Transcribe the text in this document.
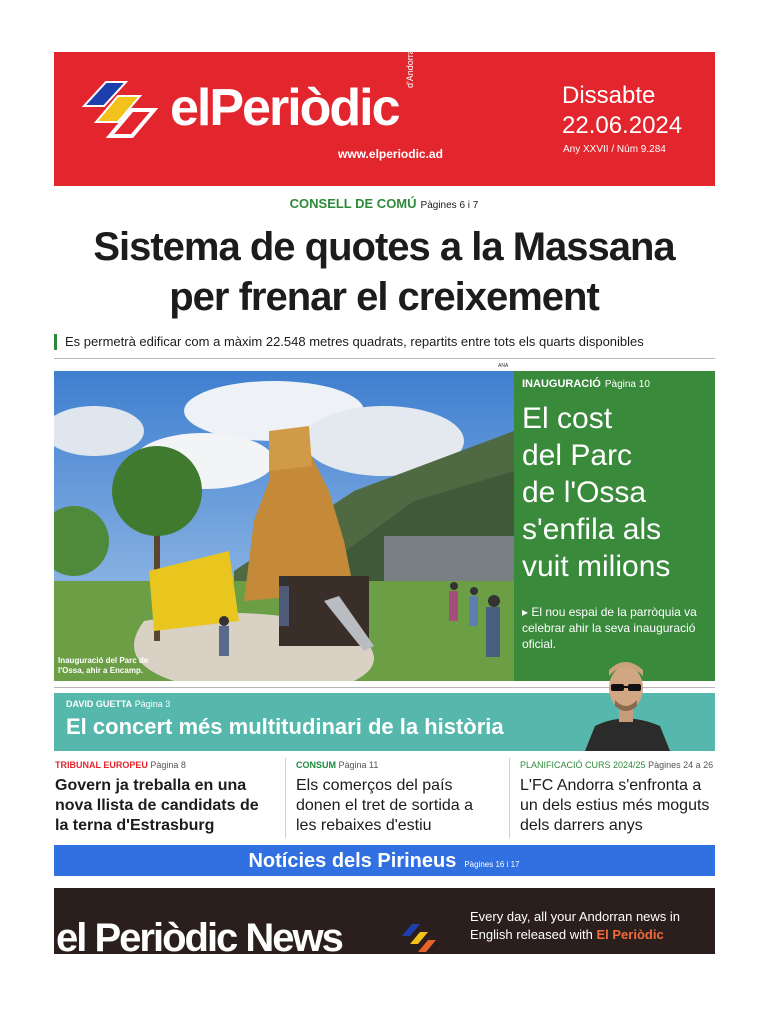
elPeriòdic
d'Andorra
www.elperiodic.ad
Dissabte
22.06.2024
Any XXVII / Núm 9.284
CONSELL DE COMÚ Pàgines 6 i 7
Sistema de quotes a la Massana
per frenar el creixement
Es permetrà edificar com a màxim 22.548 metres quadrats, repartits entre tots els quarts disponibles
ANA
Inauguració del Parc de l'Ossa, ahir a Encamp.
INAUGURACIÓ Pàgina 10
El cost
del Parc
de l'Ossa
s'enfila als
vuit milions
▸ El nou espai de la parròquia va celebrar ahir la seva inauguració oficial.
DAVID GUETTA Pàgina 3
El concert més multitudinari de la història
TRIBUNAL EUROPEU Pàgina 8
Govern ja treballa en una nova llista de candidats de la terna d'Estrasburg
CONSUM Pàgina 11
Els comerços del país donen el tret de sortida a les rebaixes d'estiu
PLANIFICACIÓ CURS 2024/25 Pàgines 24 a 26
L'FC Andorra s'enfronta a un dels estius més moguts dels darrers anys
Notícies dels Pirineus Pàgines 16 i 17
el Periòdic News	Every day, all your Andorran news in English released with El Periòdic
